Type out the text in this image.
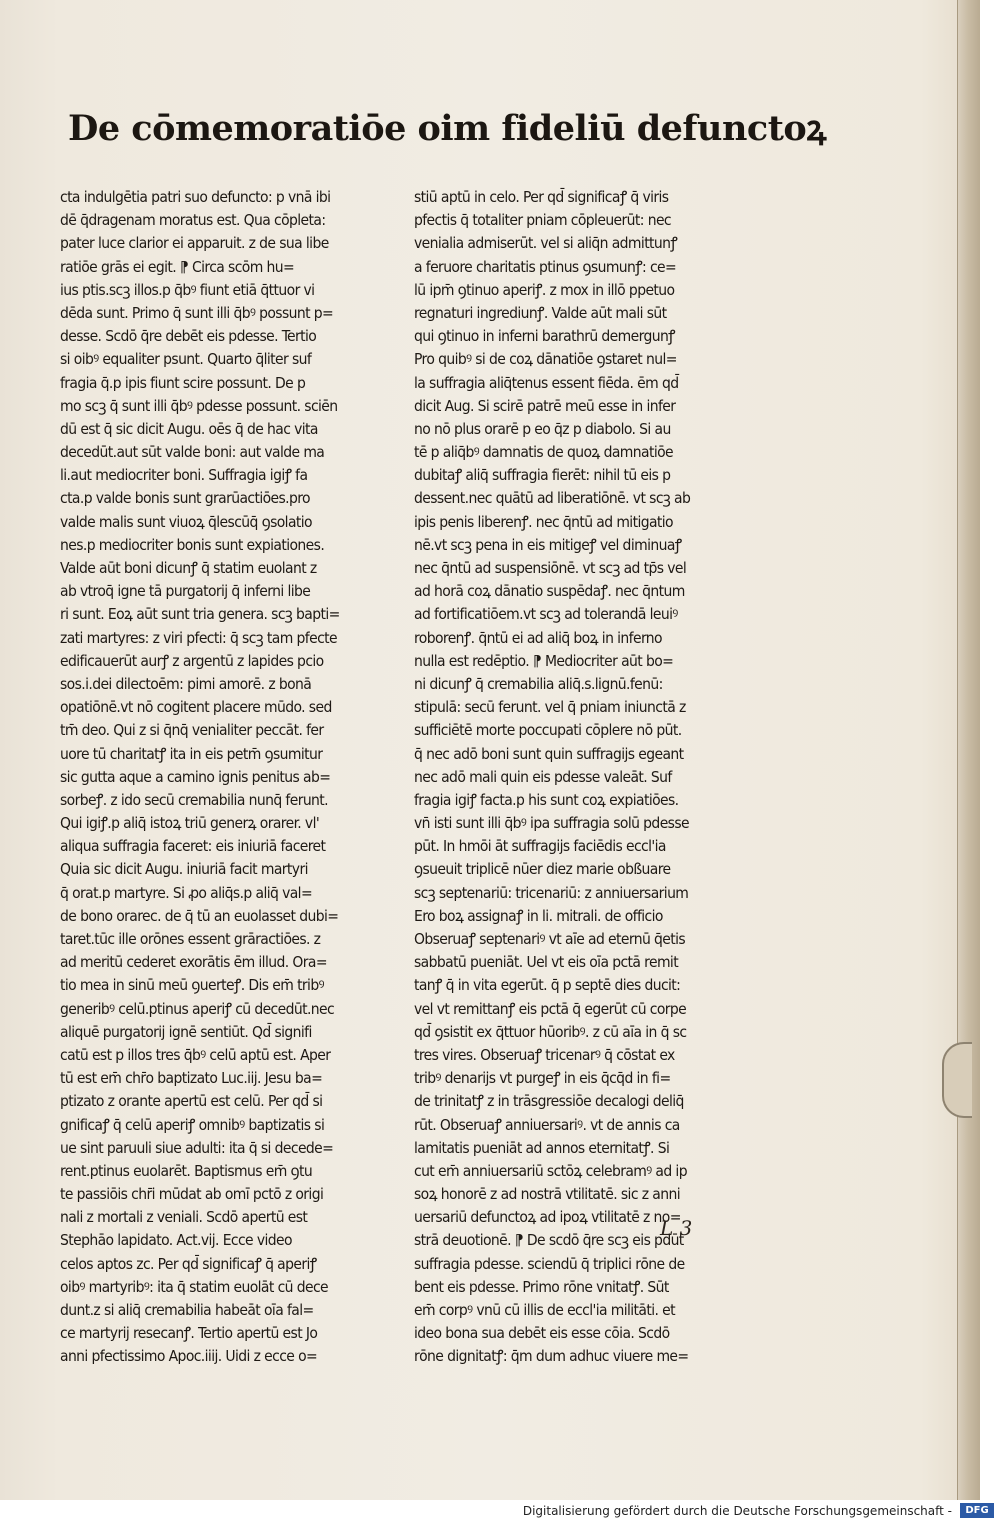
De cōmemoratiōe oim fideliū defunctoꝝ
cta indulgētia patri suo defuncto: p vnā ibi
dē q̄dragenam moratus est. Qua cōpleta:
pater luce clarior ei apparuit. z de sua libe
ratiōe grās ei egit. ⁋ Circa scōm hu=
ius ptis.scꝫ illos.p q̄bꝰ fiunt etiā q̄ttuor vi
dēda sunt. Primo q̄ sunt illi q̄bꝰ possunt p=
desse. Scdō q̄re debēt eis pdesse. Tertio
si oibꝰ equaliter psunt. Quarto q̄liter suf
fragia q̄.p ipis fiunt scire possunt. De p
mo scꝫ q̄ sunt illi q̄bꝰ pdesse possunt. sciēn
dū est q̄ sic dicit Augu. oēs q̄ de hac vita
decedūt.aut sūt valde boni: aut valde ma
li.aut mediocriter boni. Suffragia igiꝭ fa
cta.p valde bonis sunt grarūactiōes.pro
valde malis sunt viuoꝝ q̄lescūq̄ ꝯsolatio
nes.p mediocriter bonis sunt expiationes.
Valde aūt boni dicunꝭ q̄ statim euolant z
ab vtroq̄ igne tā purgatorij q̄ inferni libe
ri sunt. Eoꝝ aūt sunt tria genera. scꝫ bapti=
zati martyres: z viri pfecti: q̄ scꝫ tam pfecte
edificauerūt aurꝭ z argentū z lapides pcio
sos.i.dei dilectoēm: pimi amorē. z bonā
opatiōnē.vt nō cogitent placere mūdo. sed
tm̄ deo. Qui z si q̄nq̄ venialiter peccāt. fer
uore tū charitatꝭ ita in eis petm̄ ꝯsumitur
sic gutta aque a camino ignis penitus ab=
sorbeꝭ. z ido secū cremabilia nunq̄ ferunt.
Qui igiꝭ.p aliq̄ istoꝝ triū generꝝ orarer. vl'
aliqua suffragia faceret: eis iniuriā faceret
Quia sic dicit Augu. iniuriā facit martyri
q̄ orat.p martyre. Si ꝓo aliq̄s.p aliq̄ val=
de bono orarec. de q̄ tū an euolasset dubi=
taret.tūc ille orōnes essent grāractiōes. z
ad meritū cederet exorātis ēm illud. Ora=
tio mea in sinū meū ꝯuerteꝭ. Dis em̄ tribꝰ
generibꝰ celū.ptinus aperiꝭ cū decedūt.nec
aliquē purgatorij ignē sentiūt. Qd̄ signifi
catū est p illos tres q̄bꝰ celū aptū est. Aper
tū est em̄ chr̄o baptizato Luc.iij. Jesu ba=
ptizato z orante apertū est celū. Per qd̄ si
gnificaꝭ q̄ celū aperiꝭ omnibꝰ baptizatis si
ue sint paruuli siue adulti: ita q̄ si decede=
rent.ptinus euolarēt. Baptismus em̄ ꝯtu
te passiōis chr̄i mūdat ab omī pctō z origi
nali z mortali z veniali. Scdō apertū est
Stephāo lapidato. Act.vij. Ecce video
celos aptos zc. Per qd̄ significaꝭ q̄ aperiꝭ
oibꝰ martyribꝰ: ita q̄ statim euolāt cū dece
dunt.z si aliq̄ cremabilia habeāt oīa fal=
ce martyrij resecanꝭ. Tertio apertū est Jo
anni pfectissimo Apoc.iiij. Uidi z ecce o=
stiū aptū in celo. Per qd̄ significaꝭ q̄ viris
pfectis q̄ totaliter pniam cōpleuerūt: nec
venialia admiserūt. vel si aliq̄n admittunꝭ
a feruore charitatis ptinus ꝯsumunꝭ: ce=
lū ipm̄ ꝯtinuo aperiꝭ. z mox in illō ppetuo
regnaturi ingrediunꝭ. Valde aūt mali sūt
qui ꝯtinuo in inferni barathrū demergunꝭ
Pro quibꝰ si de coꝝ dānatiōe ꝯstaret nul=
la suffragia aliq̄tenus essent fiēda. ēm qd̄
dicit Aug. Si scirē patrē meū esse in infer
no nō plus orarē p eo q̄z p diabolo. Si au
tē p aliq̄bꝰ damnatis de quoꝝ damnatiōe
dubitaꝭ aliq̄ suffragia fierēt: nihil tū eis p
dessent.nec quātū ad liberatiōnē. vt scꝫ ab
ipis penis liberenꝭ. nec q̄ntū ad mitigatio
nē.vt scꝫ pena in eis mitigeꝭ vel diminuaꝭ
nec q̄ntū ad suspensiōnē. vt scꝫ ad tp̄s vel
ad horā coꝝ dānatio suspēdaꝭ. nec q̄ntum
ad fortificatiōem.vt scꝫ ad tolerandā leuiꝰ
roborenꝭ. q̄ntū ei ad aliq̄ boꝝ in inferno
nulla est redēptio. ⁋ Mediocriter aūt bo=
ni dicunꝭ q̄ cremabilia aliq̄.s.lignū.fenū:
stipulā: secū ferunt. vel q̄ pniam iniunctā z
sufficiētē morte poccupati cōplere nō pūt.
q̄ nec adō boni sunt quin suffragijs egeant
nec adō mali quin eis pdesse valeāt. Suf
fragia igiꝭ facta.p his sunt coꝝ expiatiōes.
vn̄ isti sunt illi q̄bꝰ ipa suffragia solū pdesse
pūt. In hmōi āt suffragijs faciēdis eccl'ia
ꝯsueuit triplicē nūer diez marie obßuare
scꝫ septenariū: tricenariū: z anniuersarium
Ero boꝝ assignaꝭ in li. mitrali. de officio
Obseruaꝭ septenariꝰ vt aīe ad eternū q̄etis
sabbatū pueniāt. Uel vt eis oīa pctā remit
tanꝭ q̄ in vita egerūt. q̄ p septē dies ducit:
vel vt remittanꝭ eis pctā q̄ egerūt cū corpe
qd̄ ꝯsistit ex q̄ttuor hūoribꝰ. z cū aīa in q̄ sc
tres vires. Obseruaꝭ tricenarꝰ q̄ cōstat ex
tribꝰ denarijs vt purgeꝭ in eis q̄cq̄d in fi=
de trinitatꝭ z in trāsgressiōe decalogi deliq̄
rūt. Obseruaꝭ anniuersariꝰ. vt de annis ca
lamitatis pueniāt ad annos eternitatꝭ. Si
cut em̄ anniuersariū sctōꝝ celebramꝰ ad ip
soꝝ honorē z ad nostrā vtilitatē. sic z anni
uersariū defunctoꝝ ad ipoꝝ vtilitatē z no=
strā deuotionē. ⁋ De scdō q̄re scꝫ eis pdūt
suffragia pdesse. sciendū q̄ triplici rōne de
bent eis pdesse. Primo rōne vnitatꝭ. Sūt
em̄ corpꝰ vnū cū illis de eccl'ia militāti. et
ideo bona sua debēt eis esse cōia. Scdō
rōne dignitatꝭ: q̄m dum adhuc viuere me=
L 3
Digitalisierung gefördert durch die Deutsche Forschungsgemeinschaft -	DFG
